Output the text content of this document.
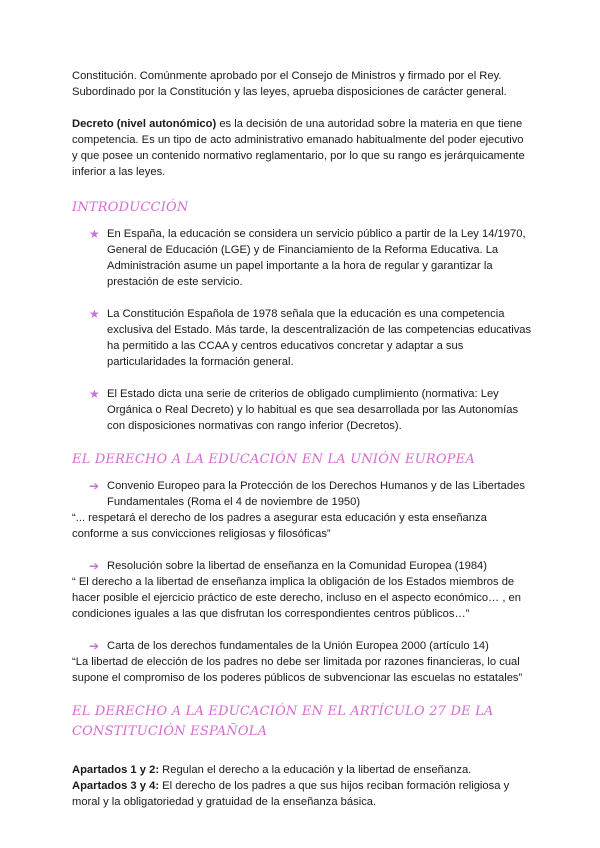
Constitución. Comúnmente aprobado por el Consejo de Ministros y firmado por el Rey. Subordinado por la Constitución y las leyes, aprueba disposiciones de carácter general.

Decreto (nivel autonómico) es la decisión de una autoridad sobre la materia en que tiene competencia. Es un tipo de acto administrativo emanado habitualmente del poder ejecutivo y que posee un contenido normativo reglamentario, por lo que su rango es jerárquicamente inferior a las leyes.

INTRODUCCIÓN
★ En España, la educación se considera un servicio público a partir de la Ley 14/1970, General de Educación (LGE) y de Financiamiento de la Reforma Educativa. La Administración asume un papel importante a la hora de regular y garantizar la prestación de este servicio.
★ La Constitución Española de 1978 señala que la educación es una competencia exclusiva del Estado. Más tarde, la descentralización de las competencias educativas ha permitido a las CCAA y centros educativos concretar y adaptar a sus particularidades la formación general.
★ El Estado dicta una serie de criterios de obligado cumplimiento (normativa: Ley Orgánica o Real Decreto) y lo habitual es que sea desarrollada por las Autonomías con disposiciones normativas con rango inferior (Decretos).
EL DERECHO A LA EDUCACIÓN EN LA UNIÓN EUROPEA
➔ Convenio Europeo para la Protección de los Derechos Humanos y de las Libertades Fundamentales (Roma el 4 de noviembre de 1950)

“... respetará el derecho de los padres a asegurar esta educación y esta enseñanza conforme a sus convicciones religiosas y filosóficas”

➔ Resolución sobre la libertad de enseñanza en la Comunidad Europea (1984)

“ El derecho a la libertad de enseñanza implica la obligación de los Estados miembros de hacer posible el ejercicio práctico de este derecho, incluso en el aspecto económico… , en condiciones iguales a las que disfrutan los correspondientes centros públicos…”

➔ Carta de los derechos fundamentales de la Unión Europea 2000 (artículo 14)

“La libertad de elección de los padres no debe ser limitada por razones financieras, lo cual supone el compromiso de los poderes públicos de subvencionar las escuelas no estatales”

EL DERECHO A LA EDUCACIÓN EN EL ARTÍCULO 27 DE LA CONSTITUCIÓN ESPAÑOLA

Apartados 1 y 2: Regulan el derecho a la educación y la libertad de enseñanza.

Apartados 3 y 4: El derecho de los padres a que sus hijos reciban formación religiosa y moral y la obligatoriedad y gratuidad de la enseñanza básica.
